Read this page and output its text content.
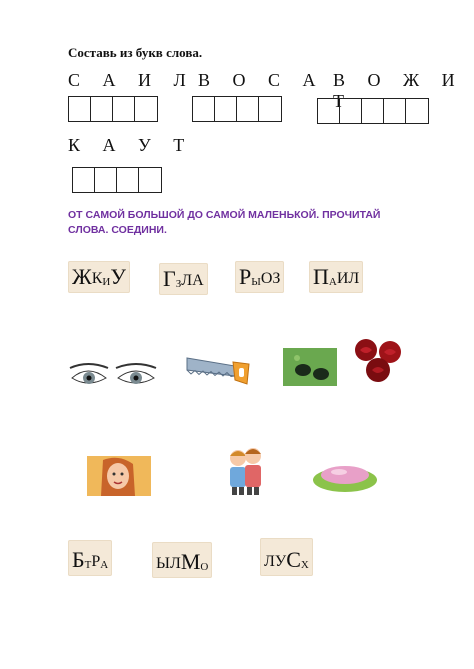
Составь из букв слова.
С А И Л В О С А В О Ж И Т
К А У Т
ОТ САМОЙ БОЛЬШОЙ ДО САМОЙ МАЛЕНЬКОЙ. ПРОЧИТАЙ СЛОВА. СОЕДИНИ.
Ж К И У Г З Л А Р Ы О З П А И Л
Б Т Р А	Ы Л М О	Л У С Х
